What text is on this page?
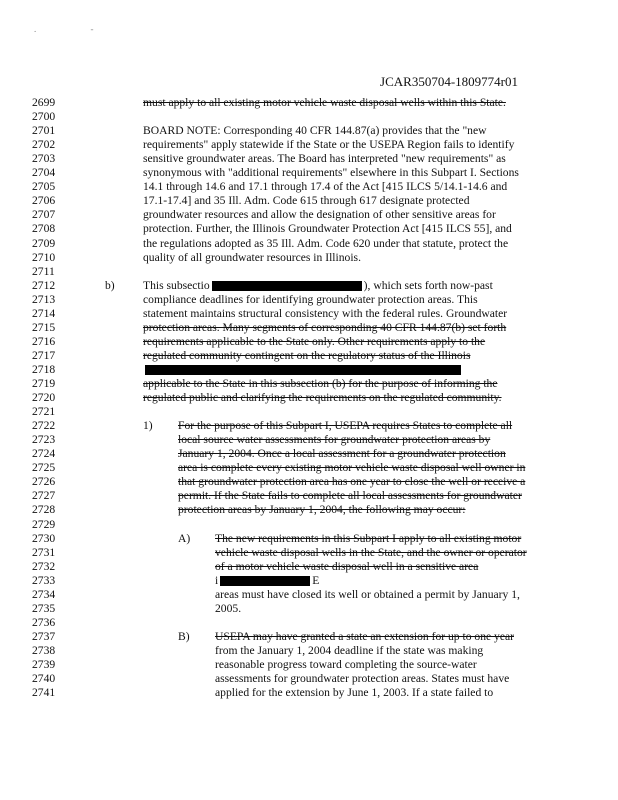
. -
JCAR350704-1809774r01
2699	must apply to all existing motor vehicle waste disposal wells within this State.
2700
2701	BOARD NOTE: Corresponding 40 CFR 144.87(a) provides that the "new
2702	requirements" apply statewide if the State or the USEPA Region fails to identify
2703	sensitive groundwater areas. The Board has interpreted "new requirements" as
2704	synonymous with "additional requirements" elsewhere in this Subpart I. Sections
2705	14.1 through 14.6 and 17.1 through 17.4 of the Act [415 ILCS 5/14.1-14.6 and
2706	17.1-17.4] and 35 Ill. Adm. Code 615 through 617 designate protected
2707	groundwater resources and allow the designation of other sensitive areas for
2708	protection. Further, the Illinois Groundwater Protection Act [415 ILCS 55], and
2709	the regulations adopted as 35 Ill. Adm. Code 620 under that statute, protect the
2710	quality of all groundwater resources in Illinois.
2711
2712	b) This subsectio	), which sets forth now-past
2713	compliance deadlines for identifying groundwater protection areas. This
2714	statement maintains structural consistency with the federal rules. Groundwater
2715	protection areas. Many segments of corresponding 40 CFR 144.87(b) set forth
2716	requirements applicable to the State only. Other requirements apply to the
2717	regulated community contingent on the regulatory status of the Illinois
2718
2719	applicable to the State in this subsection (b) for the purpose of informing the
2720	regulated public and clarifying the requirements on the regulated community.
2721
2722	1) For the purpose of this Subpart I, USEPA requires States to complete all
2723	local source water assessments for groundwater protection areas by
2724	January 1, 2004. Once a local assessment for a groundwater protection
2725	area is complete every existing motor vehicle waste disposal well owner in
2726	that groundwater protection area has one year to close the well or receive a
2727	permit. If the State fails to complete all local assessments for groundwater
2728	protection areas by January 1, 2004, the following may occur:
2729
2730	A) The new requirements in this Subpart I apply to all existing motor
2731	vehicle waste disposal wells in the State, and the owner or operator
2732	of a motor vehicle waste disposal well in a sensitive area
2733	i	E
2734	areas must have closed its well or obtained a permit by January 1,
2735	2005.
2736
2737	B) USEPA may have granted a state an extension for up to one year
2738	from the January 1, 2004 deadline if the state was making
2739	reasonable progress toward completing the source-water
2740	assessments for groundwater protection areas. States must have
2741	applied for the extension by June 1, 2003. If a state failed to
